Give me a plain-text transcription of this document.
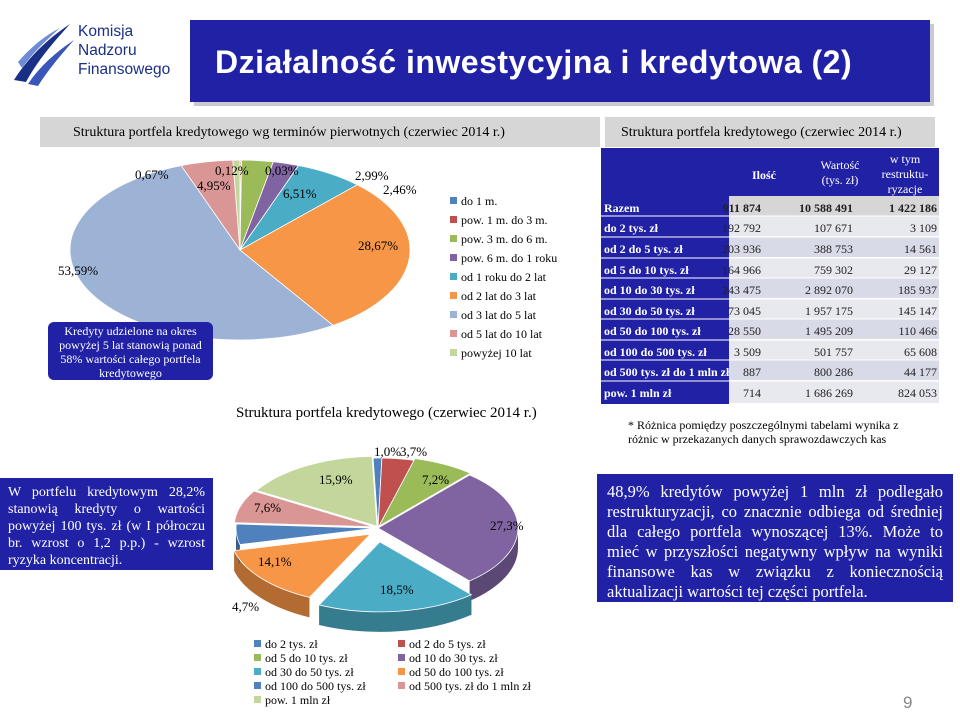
Komisja
Nadzoru
Finansowego Działalność inwestycyjna i kredytowa (2)
Struktura portfela kredytowego wg terminów pierwotnych (czerwiec 2014 r.)	Struktura portfela kredytowego (czerwiec 2014 r.)
0,67%	0,12% 0,03%
4,95%
2,99%
6,51%	2,46%
28,67%
53,59%
do 1 m.
pow. 1 m. do 3 m.
pow. 3 m. do 6 m.
pow. 6 m. do 1 roku
od 1 roku do 2 lat
od 2 lat do 3 lat
od 3 lat do 5 lat
od 5 lat do 10 lat
powyżej 10 lat
Kredyty udzielone na okres powyżej 5 lat stanowią ponad 58% wartości całego portfela kredytowego
Ilość
Wartość (tys. zł)
w tym restruktu-ryzacje
Razem	911 874	10 588 491	1 422 186
do 2 tys. zł	192 792	107 671	3 109
od 2 do 5 tys. zł	203 936	388 753	14 561
od 5 do 10 tys. zł	164 966	759 302	29 127
od 10 do 30 tys. zł 243 475	2 892 070	185 937
od 30 do 50 tys. zł	73 045	1 957 175	145 147
od 50 do 100 tys. zł 28 550	1 495 209	110 466
od 100 do 500 tys. zł 3 509	501 757	65 608
od 500 tys. zł do 1 mln zł 887	800 286	44 177
pow. 1 mln zł	714	1 686 269	824 053
* Różnica pomiędzy poszczególnymi tabelami wynika z różnic w przekazanych danych sprawozdawczych kas
Struktura portfela kredytowego (czerwiec 2014 r.)
1,0%
3,7%
7,2%
27,3%
18,5%
14,1%
4,7%
7,6%
15,9%
do 2 tys. zł	od 2 do 5 tys. zł
od 5 do 10 tys. zł	od 10 do 30 tys. zł
od 30 do 50 tys. zł	od 50 do 100 tys. zł
od 100 do 500 tys. zł	od 500 tys. zł do 1 mln zł
pow. 1 mln zł
W portfelu kredytowym 28,2% stanowią kredyty o wartości powyżej 100 tys. zł (w I półroczu br. wzrost o 1,2 p.p.) - wzrost ryzyka koncentracji.
48,9% kredytów powyżej 1 mln zł podlegało restrukturyzacji, co znacznie odbiega od średniej dla całego portfela wynoszącej 13%. Może to mieć w przyszłości negatywny wpływ na wyniki finansowe kas w związku z koniecznością aktualizacji wartości tej części portfela.
9
